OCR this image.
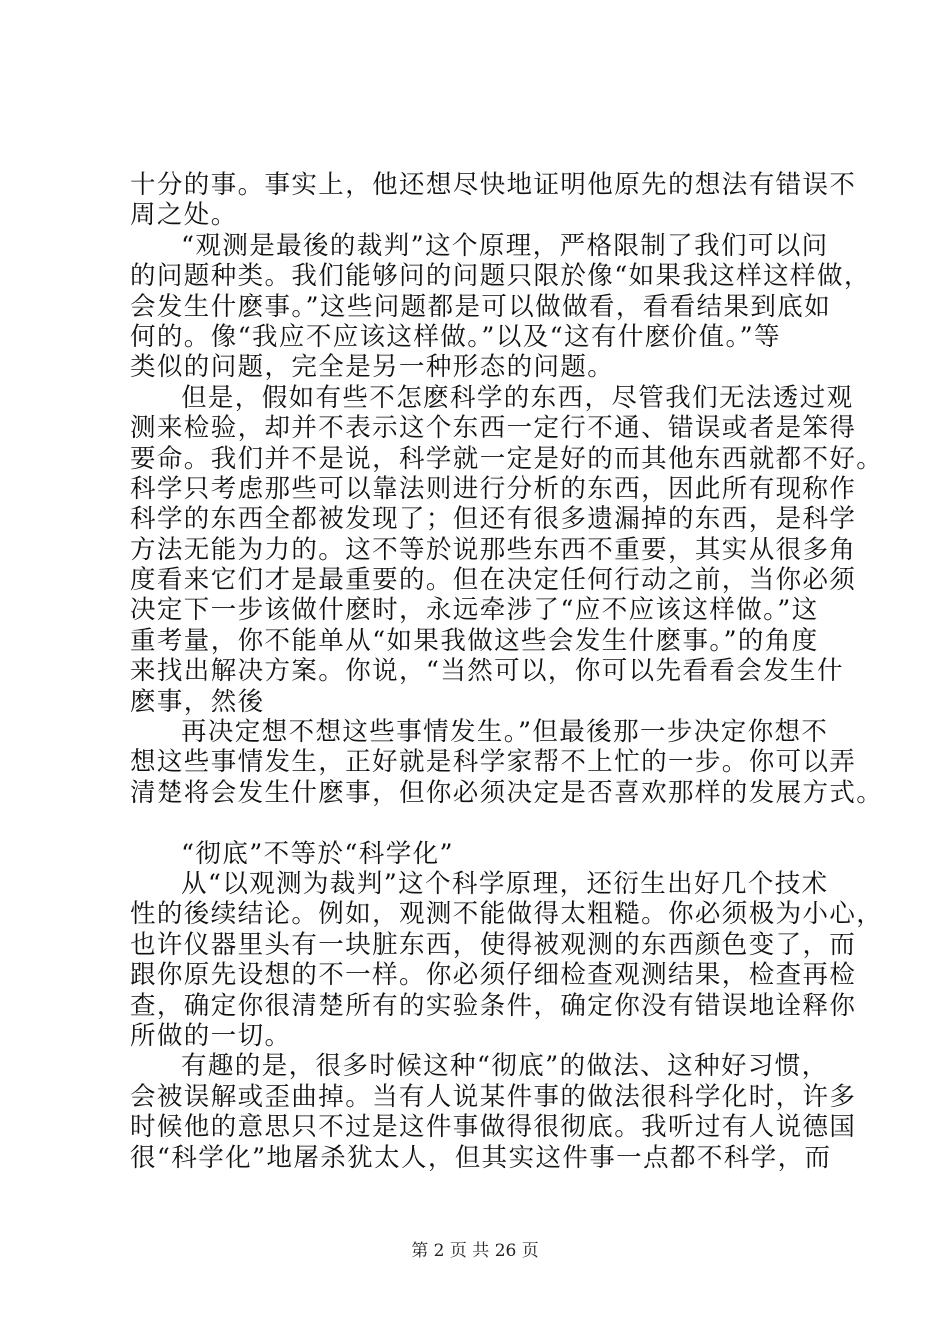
十分的事。事实上，他还想尽快地证明他原先的想法有错误不
周之处。
“观测是最後的裁判”这个原理，严格限制了我们可以问
的问题种类。我们能够问的问题只限於像“如果我这样这样做，
会发生什麽事。”这些问题都是可以做做看，看看结果到底如
何的。像“我应不应该这样做。”以及“这有什麽价值。”等
类似的问题，完全是另一种形态的问题。
但是，假如有些不怎麽科学的东西，尽管我们无法透过观
测来检验，却并不表示这个东西一定行不通、错误或者是笨得
要命。我们并不是说，科学就一定是好的而其他东西就都不好。
科学只考虑那些可以靠法则进行分析的东西，因此所有现称作
科学的东西全都被发现了；但还有很多遗漏掉的东西，是科学
方法无能为力的。这不等於说那些东西不重要，其实从很多角
度看来它们才是最重要的。但在决定任何行动之前，当你必须
决定下一步该做什麽时，永远牵涉了“应不应该这样做。”这
重考量，你不能单从“如果我做这些会发生什麽事。”的角度
来找出解决方案。你说，“当然可以，你可以先看看会发生什
麽事，然後
再决定想不想这些事情发生。”但最後那一步决定你想不
想这些事情发生，正好就是科学家帮不上忙的一步。你可以弄
清楚将会发生什麽事，但你必须决定是否喜欢那样的发展方式。
“彻底”不等於“科学化”
从“以观测为裁判”这个科学原理，还衍生出好几个技术
性的後续结论。例如，观测不能做得太粗糙。你必须极为小心，
也许仪器里头有一块脏东西，使得被观测的东西颜色变了，而
跟你原先设想的不一样。你必须仔细检查观测结果，检查再检
查，确定你很清楚所有的实验条件，确定你没有错误地诠释你
所做的一切。
有趣的是，很多时候这种“彻底”的做法、这种好习惯，
会被误解或歪曲掉。当有人说某件事的做法很科学化时，许多
时候他的意思只不过是这件事做得很彻底。我听过有人说德国
很“科学化”地屠杀犹太人，但其实这件事一点都不科学，而
第 2 页 共 26 页
